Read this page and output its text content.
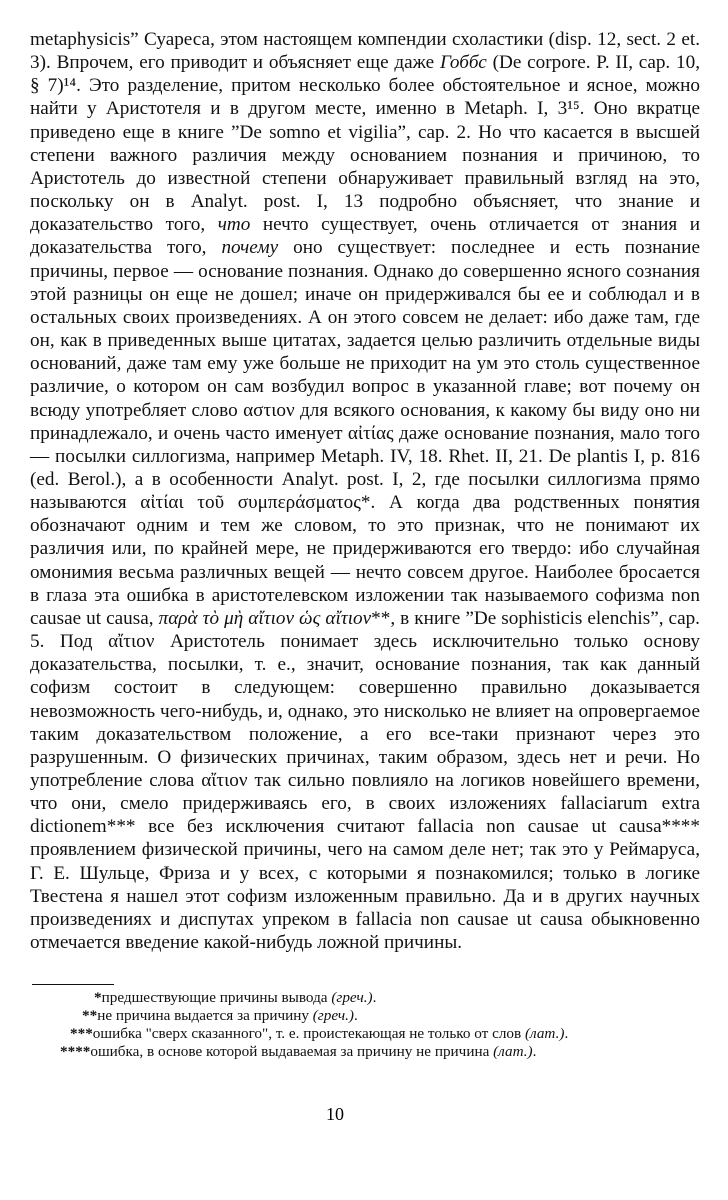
metaphysicis” Суареса, этом настоящем компендии схоластики (disp. 12, sect. 2 et. 3). Впрочем, его приводит и объясняет еще даже Гоббс (De corpore. P. II, cap. 10, § 7)¹⁴. Это разделение, притом несколько более обстоятельное и ясное, можно найти у Аристотеля и в другом месте, именно в Metaph. I, 3¹⁵. Оно вкратце приведено еще в книге ”De somno et vigilia”, cap. 2. Но что касается в высшей степени важного различия между основанием познания и причиною, то Аристотель до известной степени обнаруживает правильный взгляд на это, поскольку он в Analyt. post. I, 13 подробно объясняет, что знание и доказательство того, что нечто существует, очень отличается от знания и доказательства того, почему оно существует: последнее и есть познание причины, первое — основание познания. Однако до совершенно ясного сознания этой разницы он еще не дошел; иначе он придерживался бы ее и соблюдал и в остальных своих произведениях. А он этого совсем не делает: ибо даже там, где он, как в приведенных выше цитатах, задается целью различить отдельные виды оснований, даже там ему уже больше не приходит на ум это столь существенное различие, о котором он сам возбудил вопрос в указанной главе; вот почему он всюду употребляет слово αστιον для всякого основания, к какому бы виду оно ни принадлежало, и очень часто именует αἰτίας даже основание познания, мало того — посылки силлогизма, например Metaph. IV, 18. Rhet. II, 21. De plantis I, p. 816 (ed. Berol.), а в особенности Analyt. post. I, 2, где посылки силлогизма прямо называются αἰτίαι τοῦ συμπεράσματος*. А когда два родственных понятия обозначают одним и тем же словом, то это признак, что не понимают их различия или, по крайней мере, не придерживаются его твердо: ибо случайная омонимия весьма различных вещей — нечто совсем другое. Наиболее бросается в глаза эта ошибка в аристотелевском изложении так называемого софизма non causae ut causa, παρὰ τὸ μὴ αἴτιον ὡς αἴτιον**, в книге ”De sophisticis elenchis”, cap. 5. Под αἴτιον Аристотель понимает здесь исключительно только основу доказательства, посылки, т. е., значит, основание познания, так как данный софизм состоит в следующем: совершенно правильно доказывается невозможность чего-нибудь, и, однако, это нисколько не влияет на опровергаемое таким доказательством положение, а его все-таки признают через это разрушенным. О физических причинах, таким образом, здесь нет и речи. Но употребление слова αἴτιον так сильно повлияло на логиков новейшего времени, что они, смело придерживаясь его, в своих изложениях fallaciarum extra dictionem*** все без исключения считают fallacia non causae ut causa**** проявлением физической причины, чего на самом деле нет; так это у Реймаруса, Г. Е. Шульце, Фриза и у всех, с которыми я познакомился; только в логике Твестена я нашел этот софизм изложенным правильно. Да и в других научных произведениях и диспутах упреком в fallacia non causae ut causa обыкновенно отмечается введение какой-нибудь ложной причины.

*предшествующие причины вывода (греч.).

**не причина выдается за причину (греч.).

***ошибка "сверх сказанного", т. е. проистекающая не только от слов (лат.).

****ошибка, в основе которой выдаваемая за причину не причина (лат.).

10
